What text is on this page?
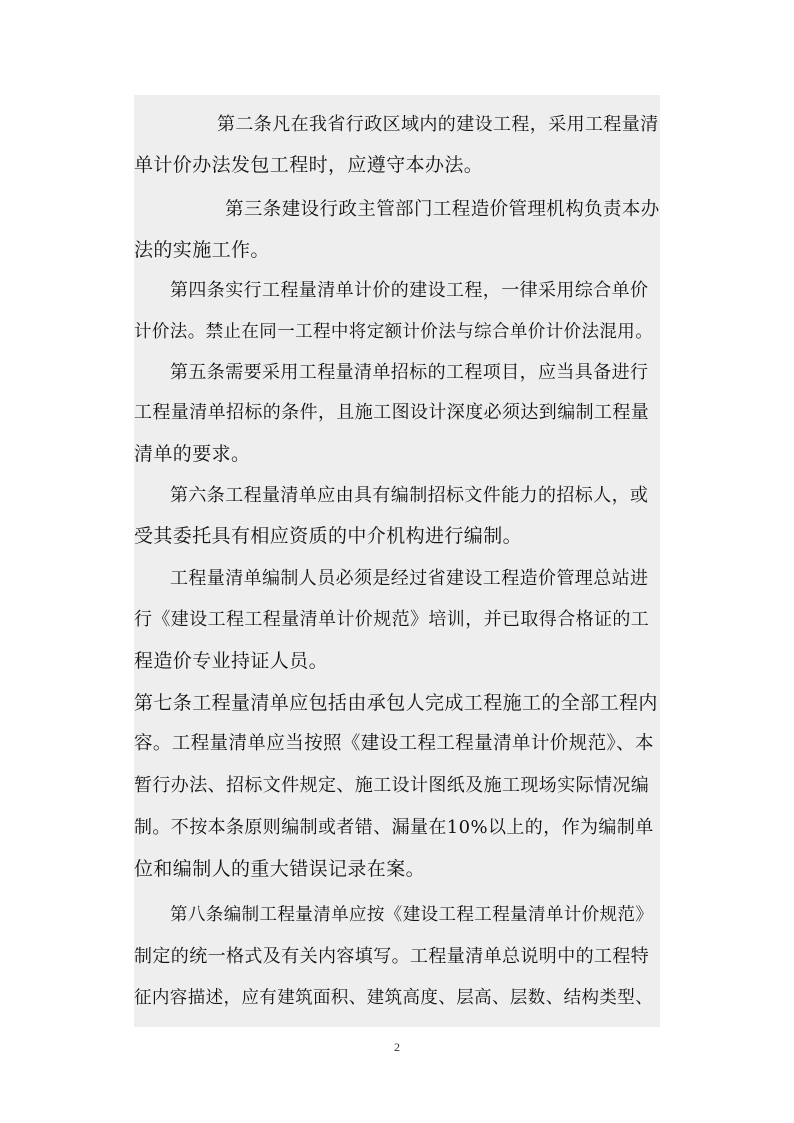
第二条凡在我省行政区域内的建设工程，采用工程量清
单计价办法发包工程时，应遵守本办法。
第三条建设行政主管部门工程造价管理机构负责本办
法的实施工作。
第四条实行工程量清单计价的建设工程，一律采用综合单价
计价法。禁止在同一工程中将定额计价法与综合单价计价法混用。
第五条需要采用工程量清单招标的工程项目，应当具备进行
工程量清单招标的条件，且施工图设计深度必须达到编制工程量
清单的要求。
第六条工程量清单应由具有编制招标文件能力的招标人，或
受其委托具有相应资质的中介机构进行编制。
工程量清单编制人员必须是经过省建设工程造价管理总站进
行《建设工程工程量清单计价规范》培训，并已取得合格证的工
程造价专业持证人员。
第七条工程量清单应包括由承包人完成工程施工的全部工程内
容。工程量清单应当按照《建设工程工程量清单计价规范》、本
暂行办法、招标文件规定、施工设计图纸及施工现场实际情况编
制。不按本条原则编制或者错、漏量在10%以上的，作为编制单
位和编制人的重大错误记录在案。
第八条编制工程量清单应按《建设工程工程量清单计价规范》
制定的统一格式及有关内容填写。工程量清单总说明中的工程特
征内容描述，应有建筑面积、建筑高度、层高、层数、结构类型、
2
